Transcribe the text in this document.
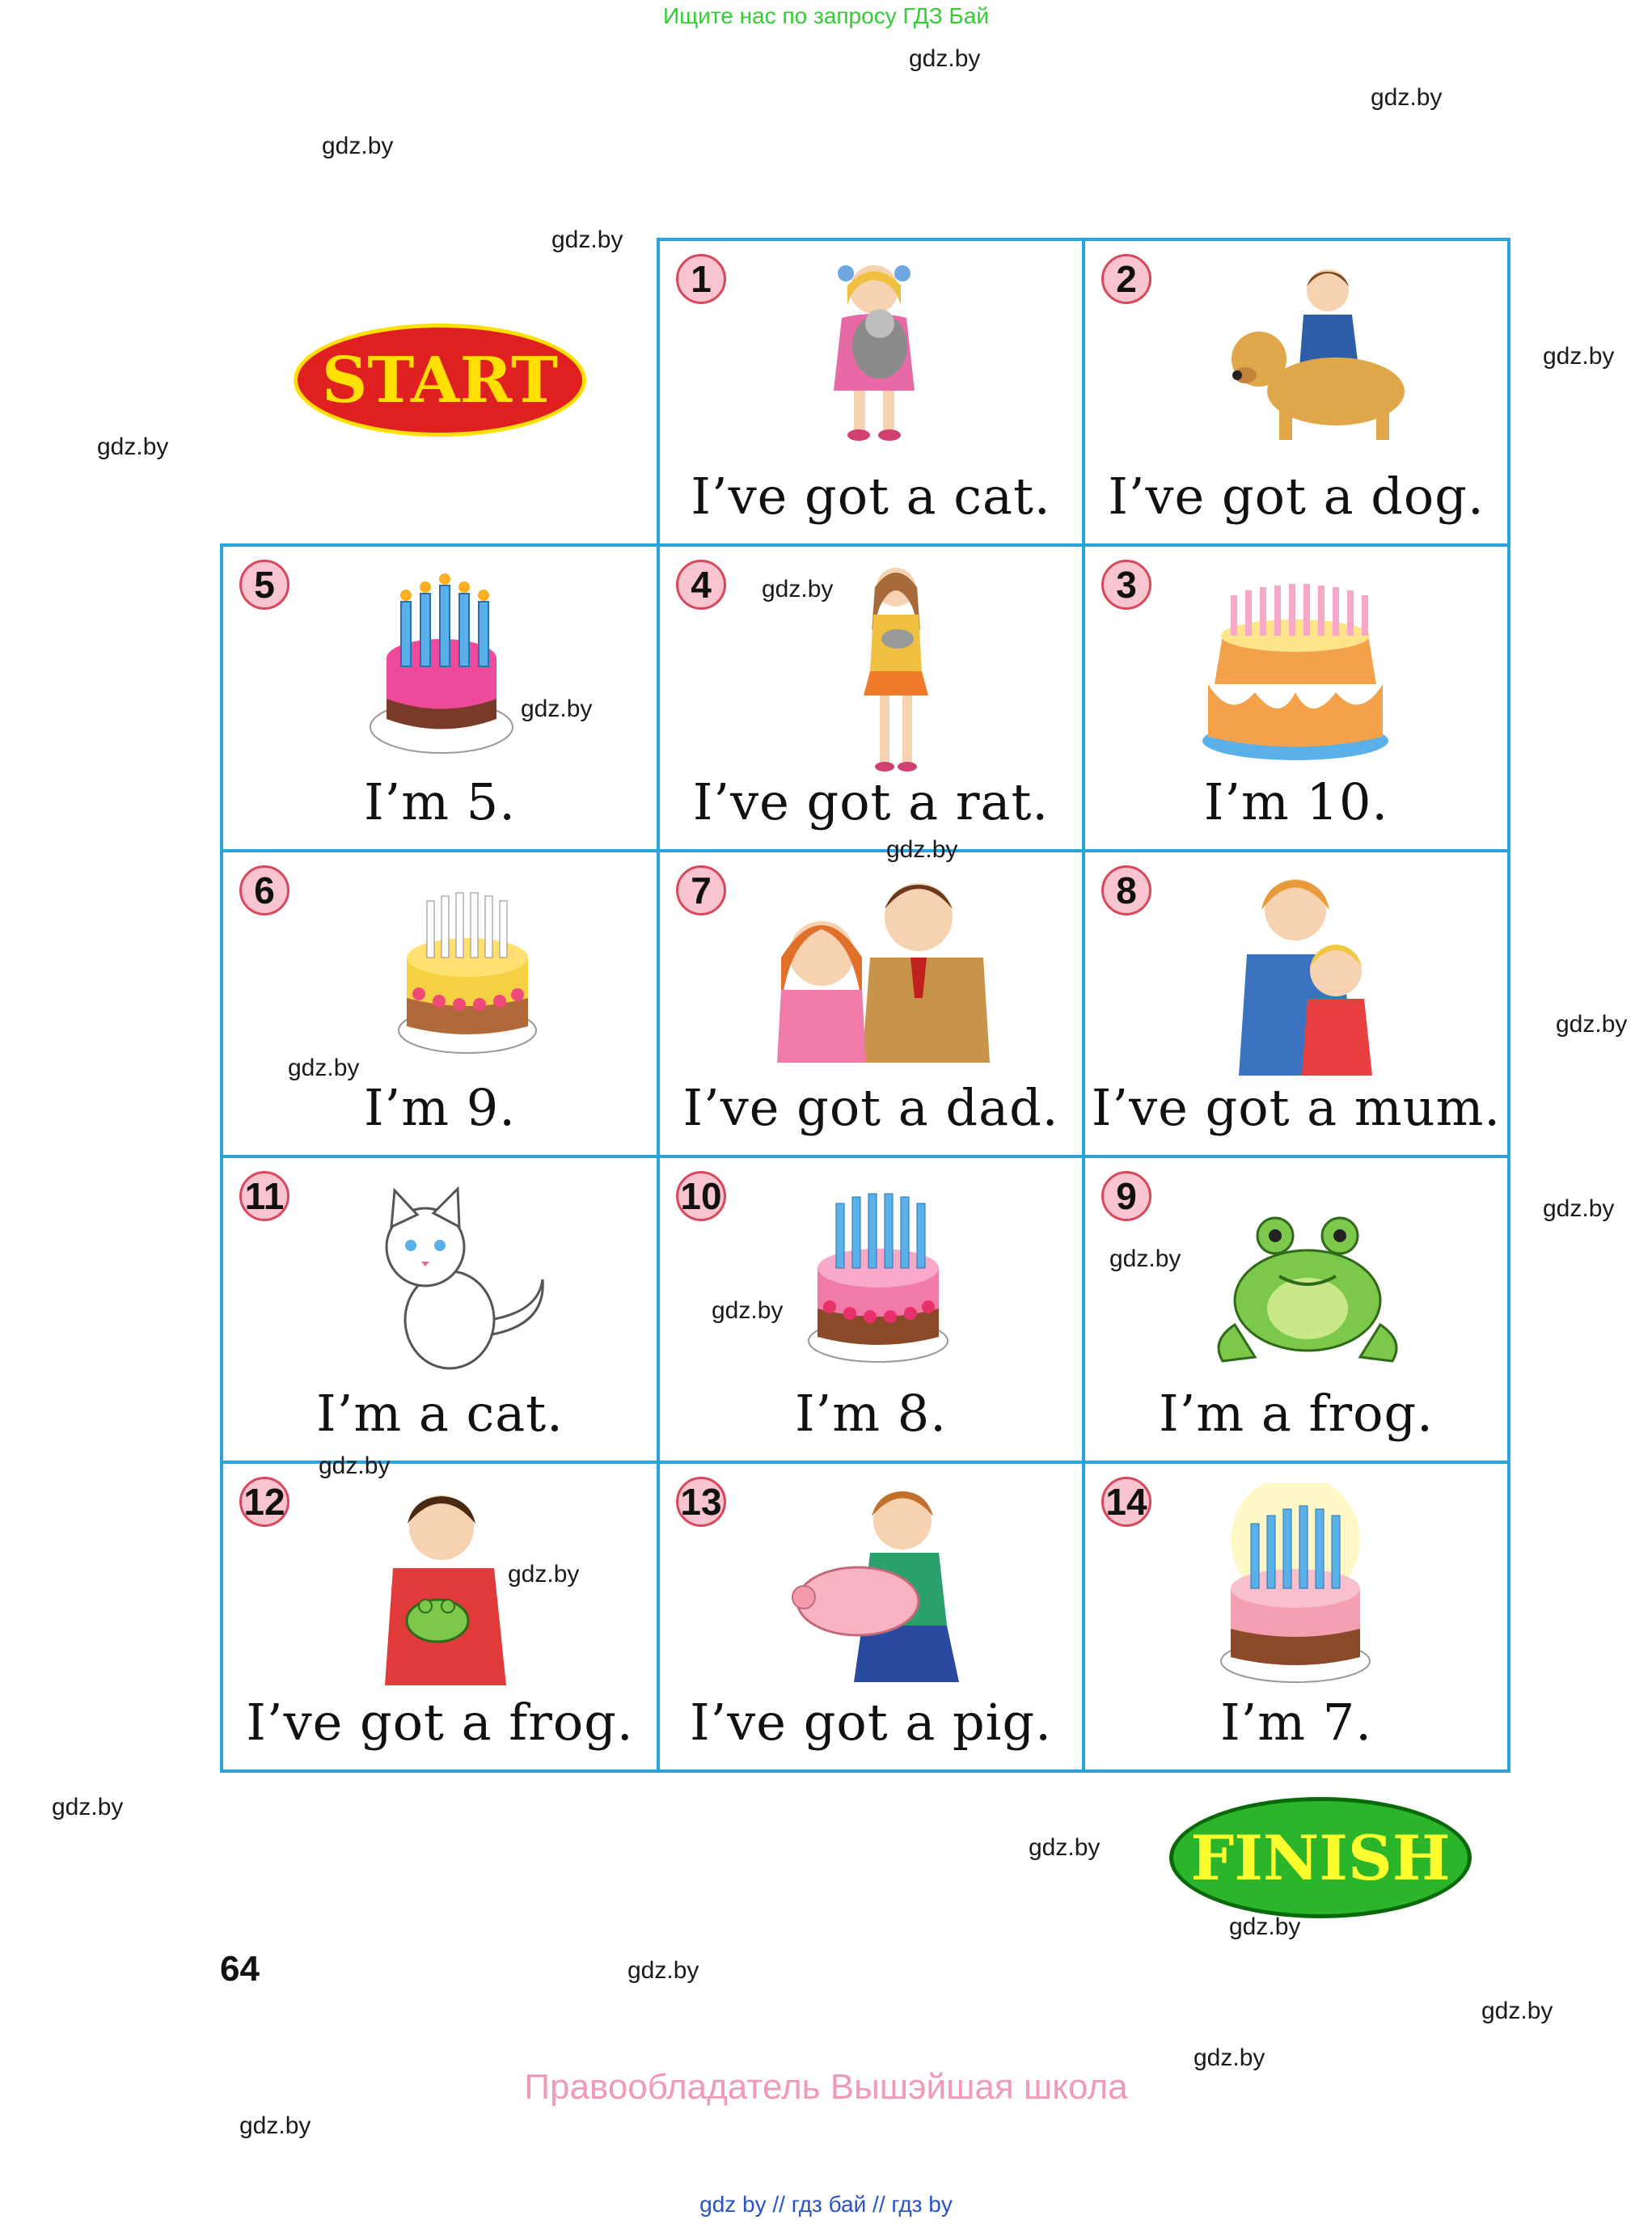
Ищите нас по запросу ГДЗ Бай
gdz.by
gdz.by
gdz.by
gdz.by
gdz.by
gdz.by
gdz.by
gdz.by
gdz.by
gdz.by
gdz.by
gdz.by
gdz.by
gdz.by
gdz.by
START
1
I’ve got a cat.
2
I’ve got a dog.
5
gdz.by
I’m 5.
4	gdz.by
I’ve got a rat.
3
I’m 10.
6
gdz.by
I’m 9.
7
gdz.by
I’ve got a dad.
8
I’ve got a mum.
11
I’m a cat.
10
gdz.by
I’m 8.
9
gdz.by
I’m a frog.
12
gdz.by
gdz.by
I’ve got a frog.
13
I’ve got a pig.
14
I’m 7.
FINISH
64
Правообладатель Вышэйшая школа
gdz by // гдз бай // гдз by
